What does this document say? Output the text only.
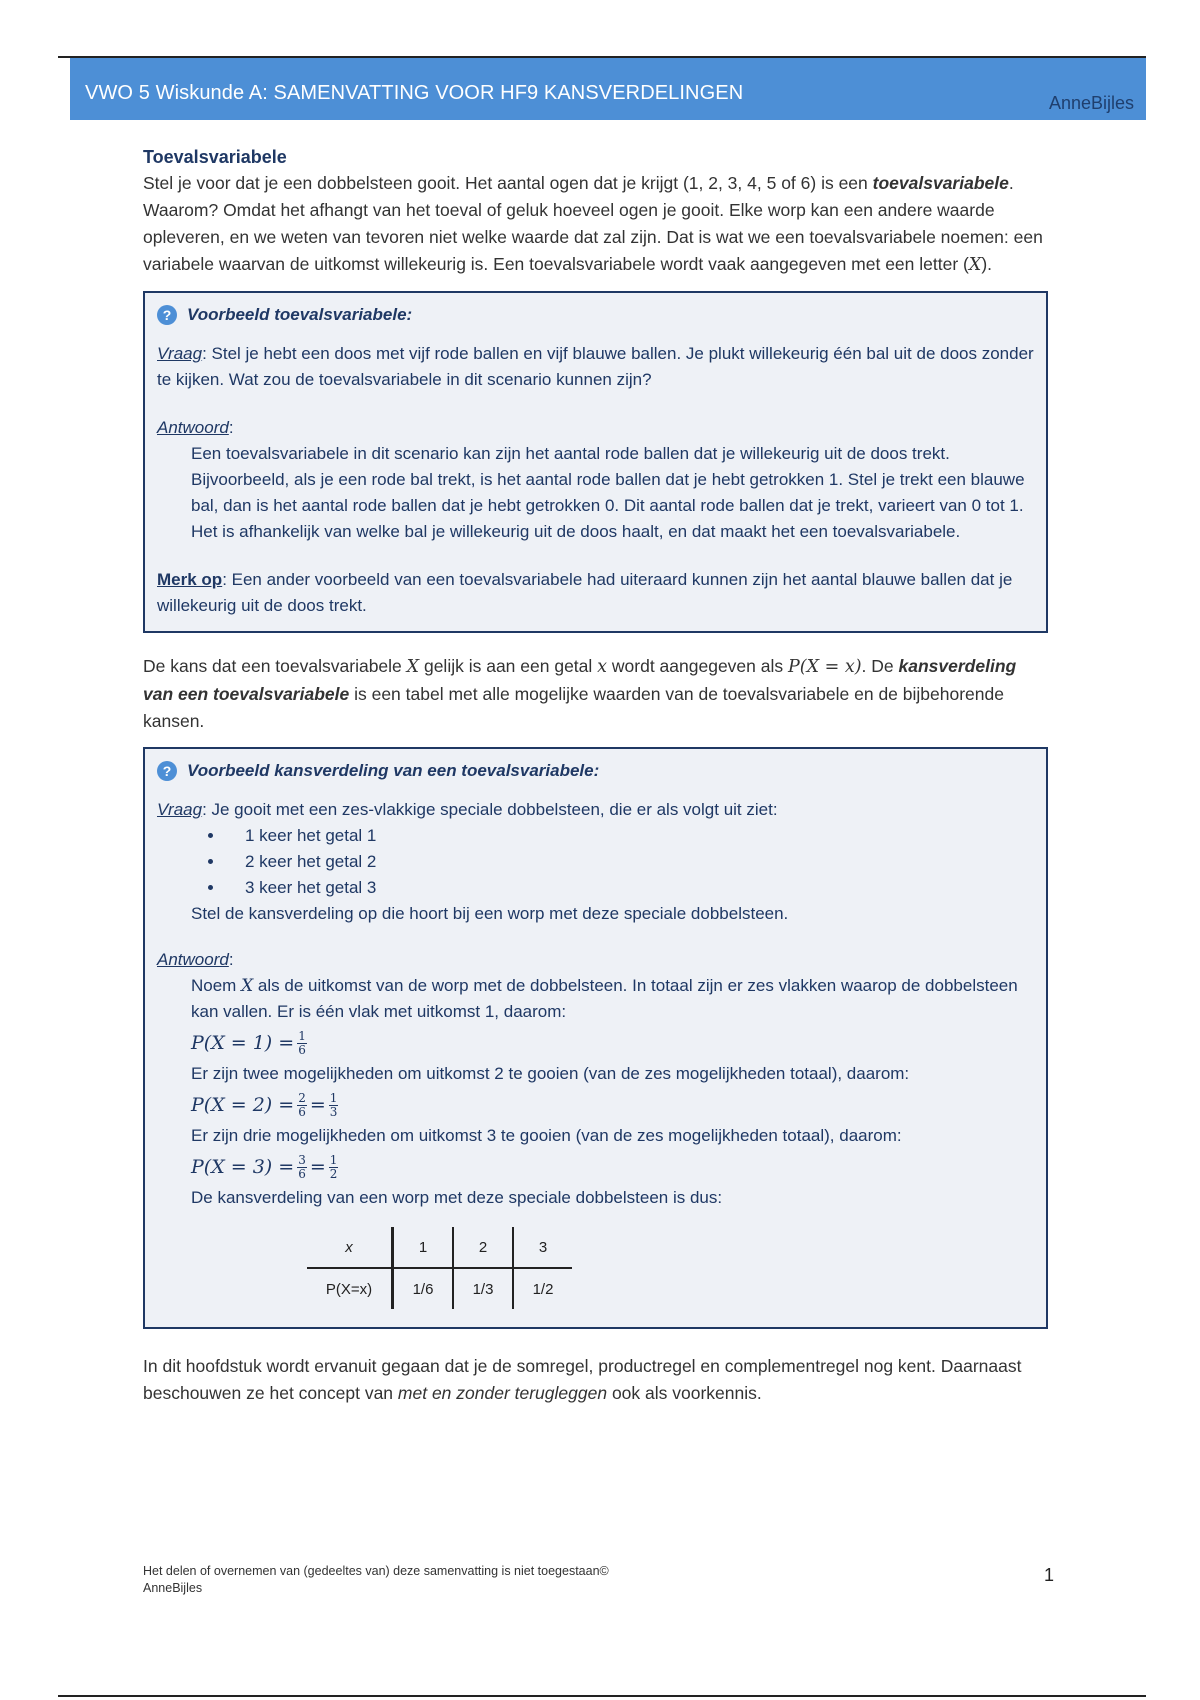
VWO 5 Wiskunde A: SAMENVATTING VOOR HF9 KANSVERDELINGEN	AnneBijles
Toevalsvariabele

Stel je voor dat je een dobbelsteen gooit. Het aantal ogen dat je krijgt (1, 2, 3, 4, 5 of 6) is een toevalsvariabele. Waarom? Omdat het afhangt van het toeval of geluk hoeveel ogen je gooit. Elke worp kan een andere waarde opleveren, en we weten van tevoren niet welke waarde dat zal zijn. Dat is wat we een toevalsvariabele noemen: een variabele waarvan de uitkomst willekeurig is. Een toevalsvariabele wordt vaak aangegeven met een letter (X).

? Voorbeeld toevalsvariabele:

Vraag: Stel je hebt een doos met vijf rode ballen en vijf blauwe ballen. Je plukt willekeurig één bal uit de doos zonder te kijken. Wat zou de toevalsvariabele in dit scenario kunnen zijn?

Antwoord:

Een toevalsvariabele in dit scenario kan zijn het aantal rode ballen dat je willekeurig uit de doos trekt. Bijvoorbeeld, als je een rode bal trekt, is het aantal rode ballen dat je hebt getrokken 1. Stel je trekt een blauwe bal, dan is het aantal rode ballen dat je hebt getrokken 0. Dit aantal rode ballen dat je trekt, varieert van 0 tot 1. Het is afhankelijk van welke bal je willekeurig uit de doos haalt, en dat maakt het een toevalsvariabele.

Merk op: Een ander voorbeeld van een toevalsvariabele had uiteraard kunnen zijn het aantal blauwe ballen dat je willekeurig uit de doos trekt.

De kans dat een toevalsvariabele X gelijk is aan een getal x wordt aangegeven als P(X = x). De kansverdeling van een toevalsvariabele is een tabel met alle mogelijke waarden van de toevalsvariabele en de bijbehorende kansen.

? Voorbeeld kansverdeling van een toevalsvariabele:

Vraag: Je gooit met een zes-vlakkige speciale dobbelsteen, die er als volgt uit ziet:

• 1 keer het getal 1
• 2 keer het getal 2
• 3 keer het getal 3

Stel de kansverdeling op die hoort bij een worp met deze speciale dobbelsteen.

Antwoord:

Noem X als de uitkomst van de worp met de dobbelsteen. In totaal zijn er zes vlakken waarop de dobbelsteen kan vallen. Er is één vlak met uitkomst 1, daarom:

$P(X = 1) = \frac{1}{6}$

Er zijn twee mogelijkheden om uitkomst 2 te gooien (van de zes mogelijkheden totaal), daarom:

$P(X = 2) = \frac{2}{6} = \frac{1}{3}$

Er zijn drie mogelijkheden om uitkomst 3 te gooien (van de zes mogelijkheden totaal), daarom:

$P(X = 3) = \frac{3}{6} = \frac{1}{2}$

De kansverdeling van een worp met deze speciale dobbelsteen is dus:

x	1	2	3
P(X=x)	1/6	1/3	1/2

In dit hoofdstuk wordt ervanuit gegaan dat je de somregel, productregel en complementregel nog kent. Daarnaast beschouwen ze het concept van met en zonder terugleggen ook als voorkennis.

Het delen of overnemen van (gedeeltes van) deze samenvatting is niet toegestaan©
AnneBijles
1
